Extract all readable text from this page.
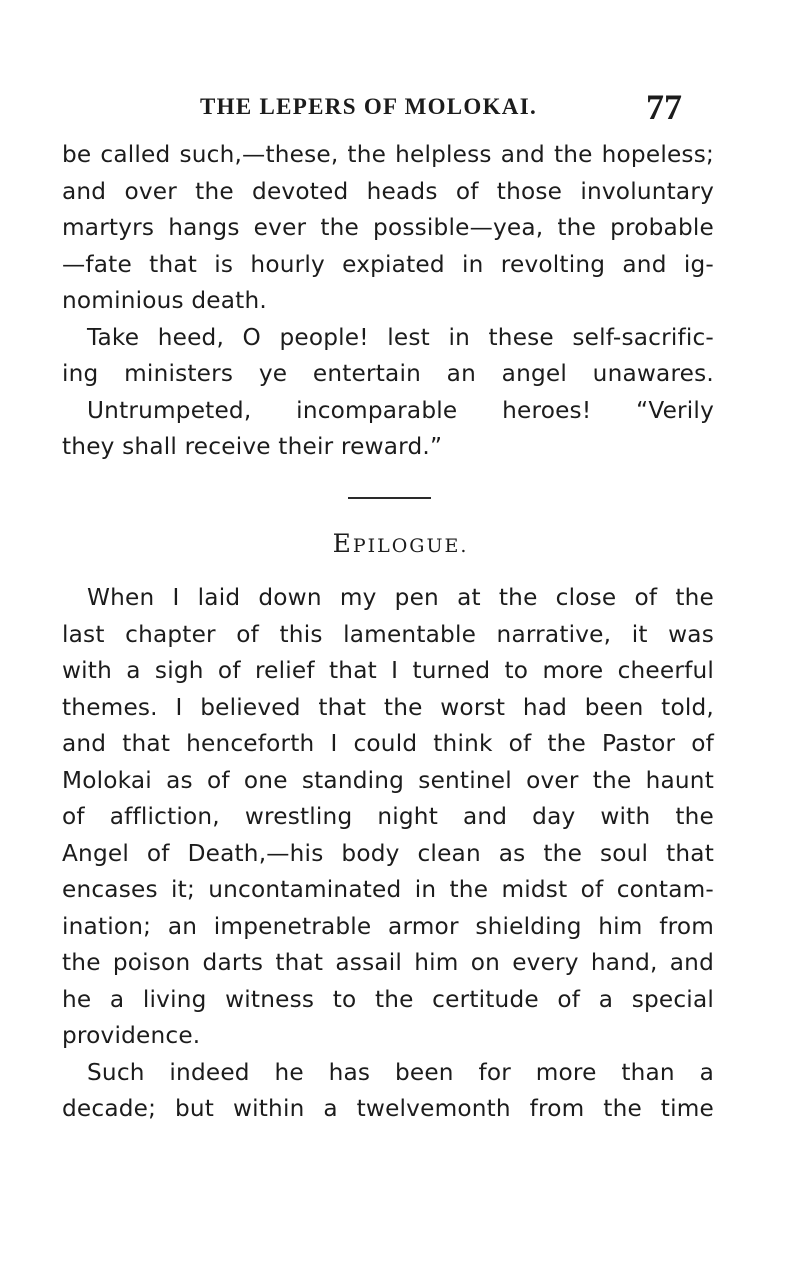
THE LEPERS OF MOLOKAI.	77
be called such,—these, the helpless and the hopeless;
and over the devoted heads of those involuntary
martyrs hangs ever the possible—yea, the probable
—fate that is hourly expiated in revolting and ig-
nominious death.
Take heed, O people! lest in these self-sacrific-
ing ministers ye entertain an angel unawares.
Untrumpeted, incomparable heroes! “Verily
they shall receive their reward.”
EPILOGUE.
When I laid down my pen at the close of the
last chapter of this lamentable narrative, it was
with a sigh of relief that I turned to more cheerful
themes. I believed that the worst had been told,
and that henceforth I could think of the Pastor of
Molokai as of one standing sentinel over the haunt
of affliction, wrestling night and day with the
Angel of Death,—his body clean as the soul that
encases it; uncontaminated in the midst of contam-
ination; an impenetrable armor shielding him from
the poison darts that assail him on every hand, and
he a living witness to the certitude of a special
providence.
Such indeed he has been for more than a
decade; but within a twelvemonth from the time
